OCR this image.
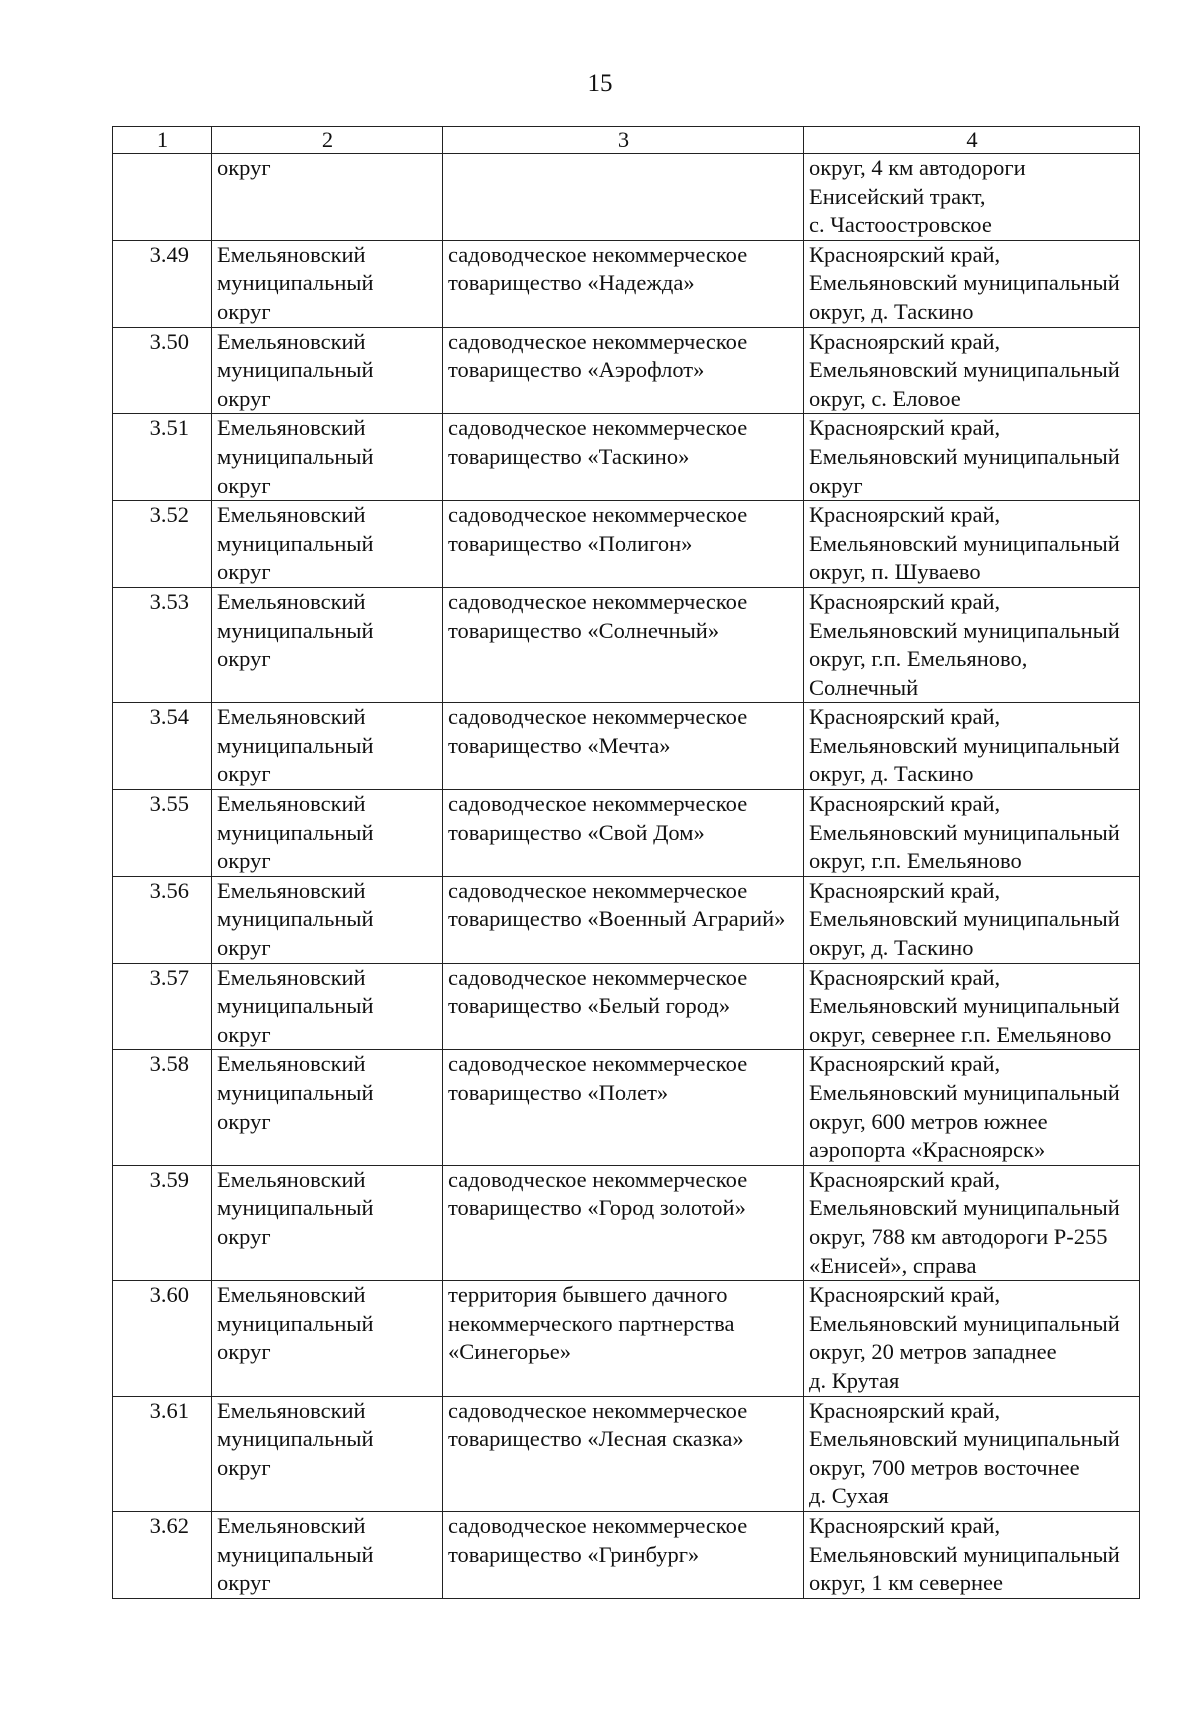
15
1	2	3	4
	округ		округ, 4 км автодороги
Енисейский тракт,
с. Частоостровское
3.49	Емельяновский
муниципальный
округ	садоводческое некоммерческое
товарищество «Надежда»	Красноярский край,
Емельяновский муниципальный
округ, д. Таскино
3.50	Емельяновский
муниципальный
округ	садоводческое некоммерческое
товарищество «Аэрофлот»	Красноярский край,
Емельяновский муниципальный
округ, с. Еловое
3.51	Емельяновский
муниципальный
округ	садоводческое некоммерческое
товарищество «Таскино»	Красноярский край,
Емельяновский муниципальный
округ
3.52	Емельяновский
муниципальный
округ	садоводческое некоммерческое
товарищество «Полигон»	Красноярский край,
Емельяновский муниципальный
округ, п. Шуваево
3.53	Емельяновский
муниципальный
округ	садоводческое некоммерческое
товарищество «Солнечный»	Красноярский край,
Емельяновский муниципальный
округ, г.п. Емельяново,
Солнечный
3.54	Емельяновский
муниципальный
округ	садоводческое некоммерческое
товарищество «Мечта»	Красноярский край,
Емельяновский муниципальный
округ, д. Таскино
3.55	Емельяновский
муниципальный
округ	садоводческое некоммерческое
товарищество «Свой Дом»	Красноярский край,
Емельяновский муниципальный
округ, г.п. Емельяново
3.56	Емельяновский
муниципальный
округ	садоводческое некоммерческое
товарищество «Военный Аграрий»	Красноярский край,
Емельяновский муниципальный
округ, д. Таскино
3.57	Емельяновский
муниципальный
округ	садоводческое некоммерческое
товарищество «Белый город»	Красноярский край,
Емельяновский муниципальный
округ, севернее г.п. Емельяново
3.58	Емельяновский
муниципальный
округ	садоводческое некоммерческое
товарищество «Полет»	Красноярский край,
Емельяновский муниципальный
округ, 600 метров южнее
аэропорта «Красноярск»
3.59	Емельяновский
муниципальный
округ	садоводческое некоммерческое
товарищество «Город золотой»	Красноярский край,
Емельяновский муниципальный
округ, 788 км автодороги Р-255
«Енисей», справа
3.60	Емельяновский
муниципальный
округ	территория бывшего дачного
некоммерческого партнерства
«Синегорье»	Красноярский край,
Емельяновский муниципальный
округ, 20 метров западнее
д. Крутая
3.61	Емельяновский
муниципальный
округ	садоводческое некоммерческое
товарищество «Лесная сказка»	Красноярский край,
Емельяновский муниципальный
округ, 700 метров восточнее
д. Сухая
3.62	Емельяновский
муниципальный
округ	садоводческое некоммерческое
товарищество «Гринбург»	Красноярский край,
Емельяновский муниципальный
округ, 1 км севернее
